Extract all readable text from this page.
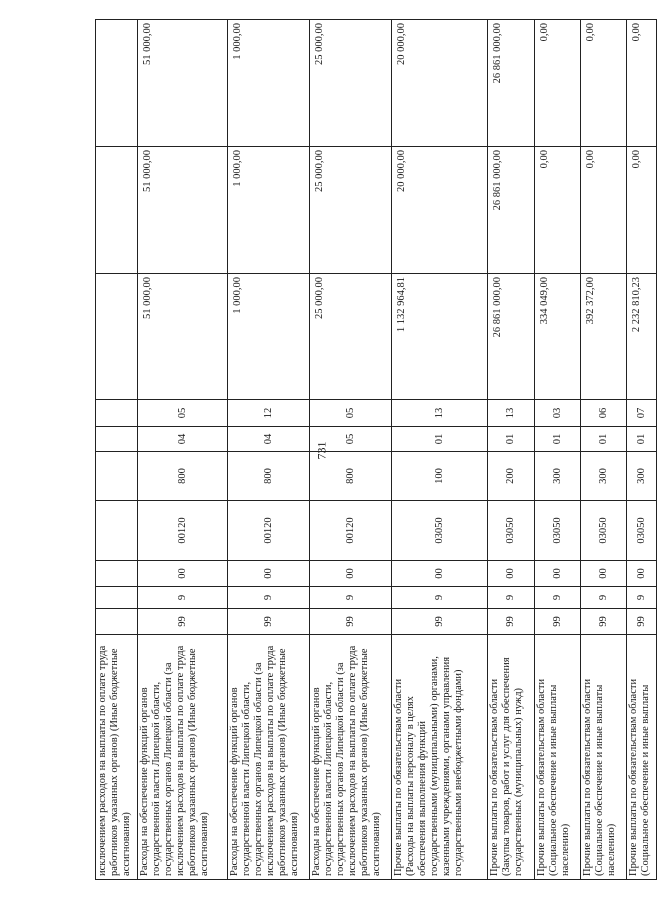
731
исключением расходов на выплаты по оплате труда работников указанных органов) (Иные бюджетные ассигнования)										
Расходы на обеспечение функций органов государственной власти Липецкой области, государственных органов Липецкой области (за исключением расходов на выплаты по оплате труда работников указанных органов) (Иные бюджетные ассигнования)	99	9	00	00120	800	04	05	51 000,00	51 000,00	51 000,00
Расходы на обеспечение функций органов государственной власти Липецкой области, государственных органов Липецкой области (за исключением расходов на выплаты по оплате труда работников указанных органов) (Иные бюджетные ассигнования)	99	9	00	00120	800	04	12	1 000,00	1 000,00	1 000,00
Расходы на обеспечение функций органов государственной власти Липецкой области, государственных органов Липецкой области (за исключением расходов на выплаты по оплате труда работников указанных органов) (Иные бюджетные ассигнования)	99	9	00	00120	800	05	05	25 000,00	25 000,00	25 000,00
Прочие выплаты по обязательствам области (Расходы на выплаты персоналу в целях обеспечения выполнения функций государственными (муниципальными) органами, казенными учреждениями, органами управления государственными внебюджетными фондами)	99	9	00	03050	100	01	13	1 132 964,81	20 000,00	20 000,00
Прочие выплаты по обязательствам области (Закупка товаров, работ и услуг для обеспечения государственных (муниципальных) нужд)	99	9	00	03050	200	01	13	26 861 000,00	26 861 000,00	26 861 000,00
Прочие выплаты по обязательствам области (Социальное обеспечение и иные выплаты населению)	99	9	00	03050	300	01	03	334 049,00	0,00	0,00
Прочие выплаты по обязательствам области (Социальное обеспечение и иные выплаты населению)	99	9	00	03050	300	01	06	392 372,00	0,00	0,00
Прочие выплаты по обязательствам области (Социальное обеспечение и иные выплаты	99	9	00	03050	300	01	07	2 232 810,23	0,00	0,00
